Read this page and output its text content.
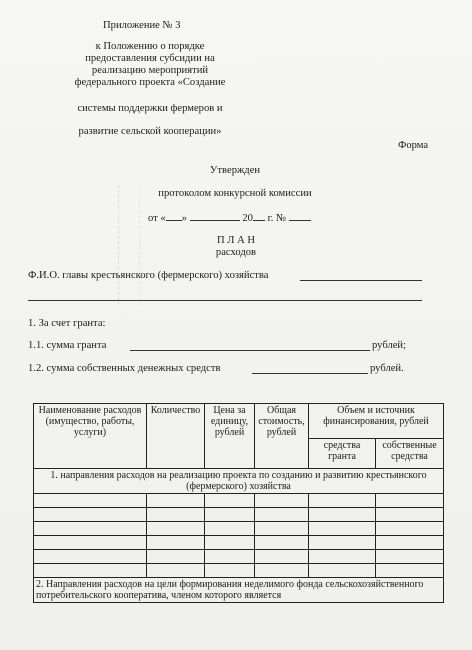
Приложение № 3
к Положению о порядке
предоставления субсидии на
реализацию мероприятий
федерального проекта «Создание
системы поддержки фермеров и
развитие сельской кооперации»
Форма
Утвержден
протоколом конкурсной комиссии
от « »	20 г. №
П Л А Н
расходов
Ф.И.О. главы крестьянского (фермерского) хозяйства
1. За счет гранта:
1.1. сумма гранта	рублей;
1.2. сумма собственных денежных средств	рублей.
Наименование расходов (имущество, работы, услуги)	Количество	Цена за единицу, рублей	Общая стоимость, рублей	Объем и источник финансирования, рублей	
				средства гранта	собственные средства
1. направления расходов на реализацию проекта по созданию и развитию крестьянского (фермерского) хозяйства					

2. Направления расходов на цели формирования неделимого фонда сельскохозяйственного потребительского кооператива, членом которого является					
